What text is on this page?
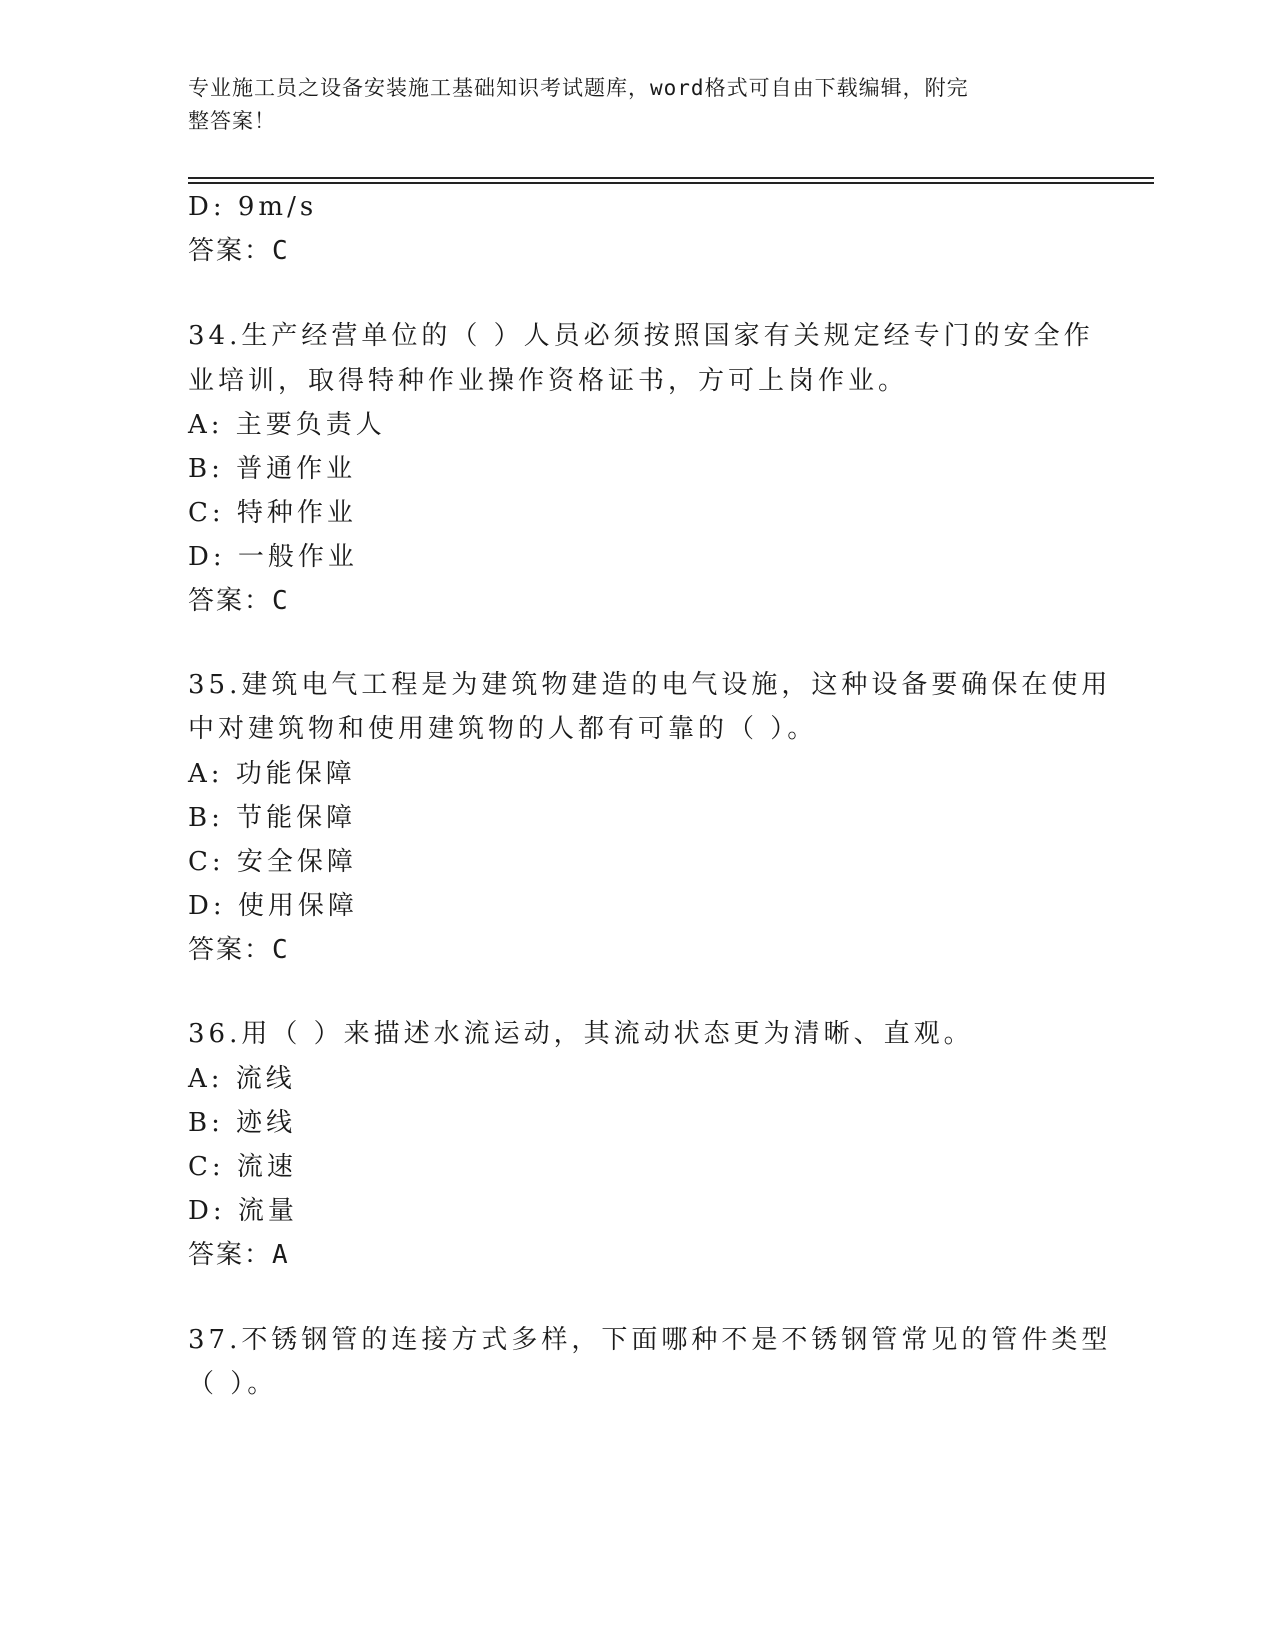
专业施工员之设备安装施工基础知识考试题库，word格式可自由下载编辑，附完
整答案！
D: 9m/s
答案：C
34.生产经营单位的（ ）人员必须按照国家有关规定经专门的安全作
业培训，取得特种作业操作资格证书，方可上岗作业。
A: 主要负责人
B: 普通作业
C: 特种作业
D: 一般作业
答案：C
35.建筑电气工程是为建筑物建造的电气设施，这种设备要确保在使用
中对建筑物和使用建筑物的人都有可靠的（ ）。
A: 功能保障
B: 节能保障
C: 安全保障
D: 使用保障
答案：C
36.用（ ）来描述水流运动，其流动状态更为清晰、直观。
A: 流线
B: 迹线
C: 流速
D: 流量
答案：A
37.不锈钢管的连接方式多样，下面哪种不是不锈钢管常见的管件类型
（ ）。
